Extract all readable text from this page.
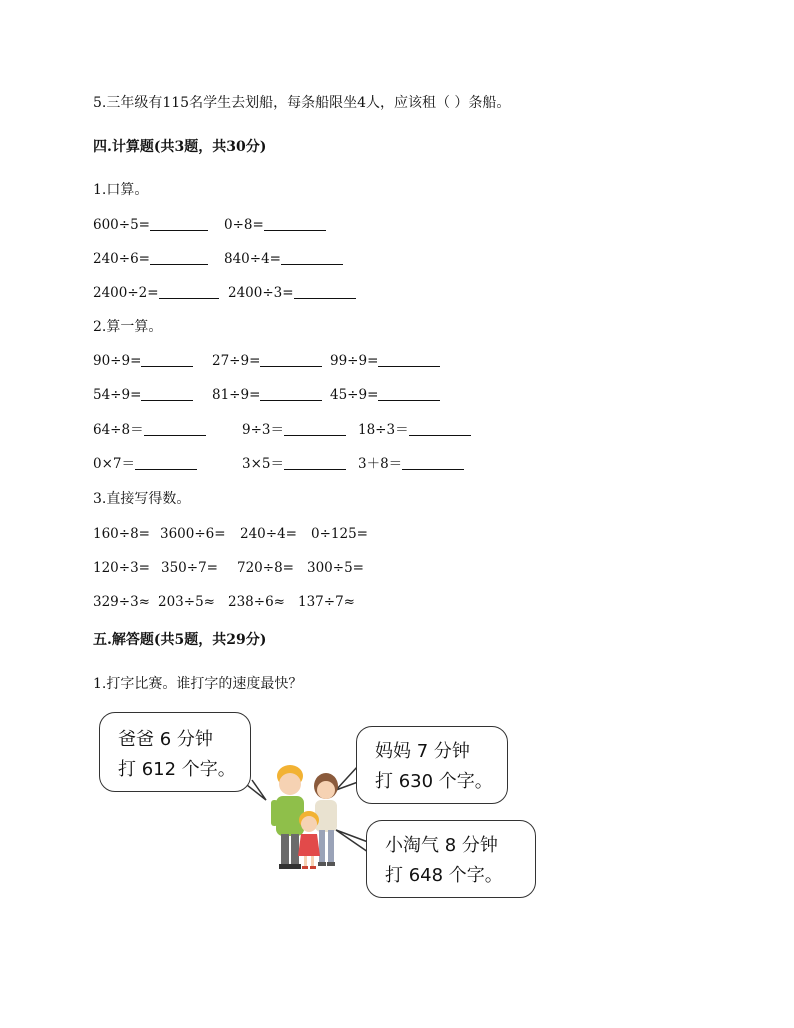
5.三年级有115名学生去划船，每条船限坐4人，应该租（ ）条船。
四.计算题(共3题，共30分)
1.口算。
600÷5=	0÷8=
240÷6=	840÷4=
2400÷2=	2400÷3=
2.算一算。
90÷9=	27÷9=	99÷9=
54÷9=	81÷9=	45÷9=
64÷8＝	9÷3＝	18÷3＝
0×7＝	3×5＝	3＋8＝
3.直接写得数。
160÷8= 3600÷6= 240÷4= 0÷125=
120÷3= 350÷7= 720÷8= 300÷5=
329÷3≈ 203÷5≈ 238÷6≈ 137÷7≈
五.解答题(共5题，共29分)
1.打字比赛。谁打字的速度最快？
爸爸 6 分钟
打 612 个字。
妈妈 7 分钟
打 630 个字。
小淘气 8 分钟
打 648 个字。
